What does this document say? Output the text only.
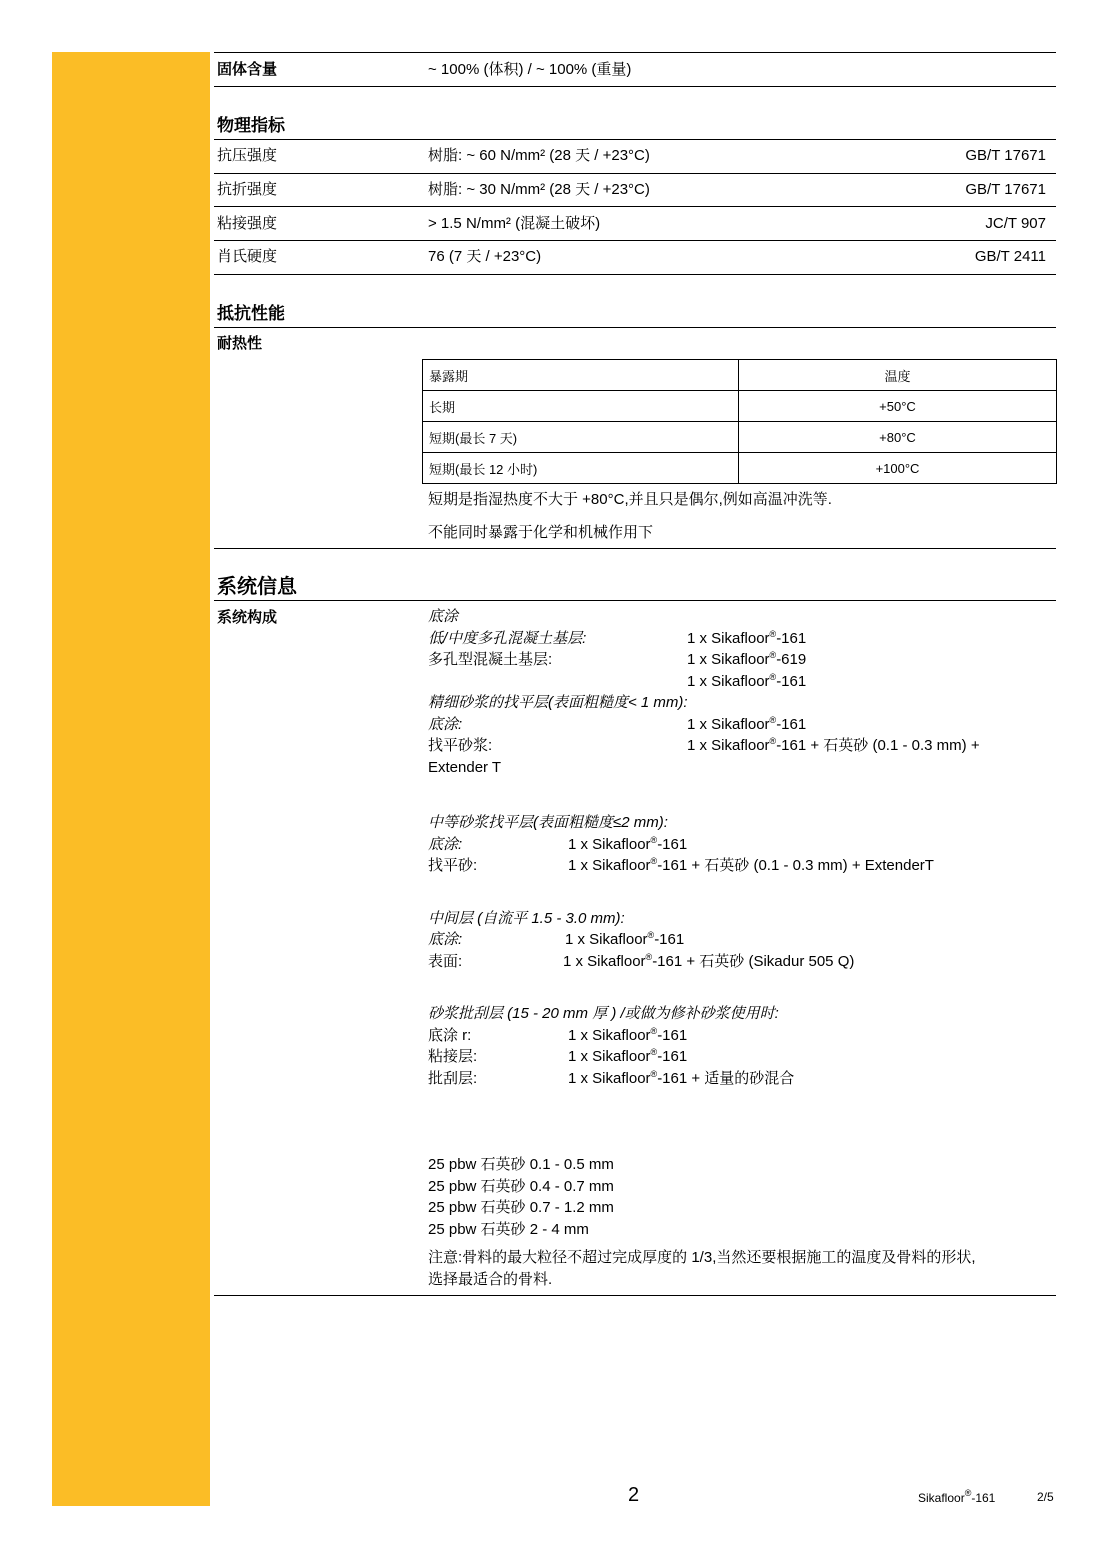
固体含量	~ 100% (体积) / ~ 100% (重量)
物理指标
抗压强度	树脂: ~ 60 N/mm² (28 天 / +23°C)	GB/T 17671
抗折强度	树脂: ~ 30 N/mm² (28 天 / +23°C)	GB/T 17671
粘接强度	> 1.5 N/mm² (混凝土破坏)	JC/T 907
肖氏硬度	76 (7 天 / +23°C)	GB/T 2411
抵抗性能
耐热性
暴露期	温度
长期	+50°C
短期(最长 7 天)	+80°C
短期(最长 12 小时)	+100°C
短期是指湿热度不大于 +80°C,并且只是偶尔,例如高温冲洗等.
不能同时暴露于化学和机械作用下
系统信息
系统构成	底涂
低/中度多孔混凝土基层:	1 x Sikafloor®-161
多孔型混凝土基层:	1 x Sikafloor®-619
1 x Sikafloor®-161
精细砂浆的找平层(表面粗糙度< 1 mm):
底涂:	1 x Sikafloor®-161
找平砂浆:	1 x Sikafloor®-161 + 石英砂 (0.1 - 0.3 mm) +
Extender T
中等砂浆找平层(表面粗糙度≤2 mm):
底涂:	1 x Sikafloor®-161
找平砂:	1 x Sikafloor®-161 + 石英砂 (0.1 - 0.3 mm) + ExtenderT
中间层 (自流平 1.5 - 3.0 mm):
底涂:	1 x Sikafloor®-161
表面:	1 x Sikafloor®-161 + 石英砂 (Sikadur 505 Q)
砂浆批刮层 (15 - 20 mm 厚 ) /或做为修补砂浆使用时:
底涂 r:	1 x Sikafloor®-161
粘接层:	1 x Sikafloor®-161
批刮层:	1 x Sikafloor®-161 + 适量的砂混合
25 pbw 石英砂 0.1 - 0.5 mm
25 pbw 石英砂 0.4 - 0.7 mm
25 pbw 石英砂 0.7 - 1.2 mm
25 pbw 石英砂 2 - 4 mm
注意:骨料的最大粒径不超过完成厚度的 1/3,当然还要根据施工的温度及骨料的形状,
选择最适合的骨料.
2	Sikafloor®-161	2/5
